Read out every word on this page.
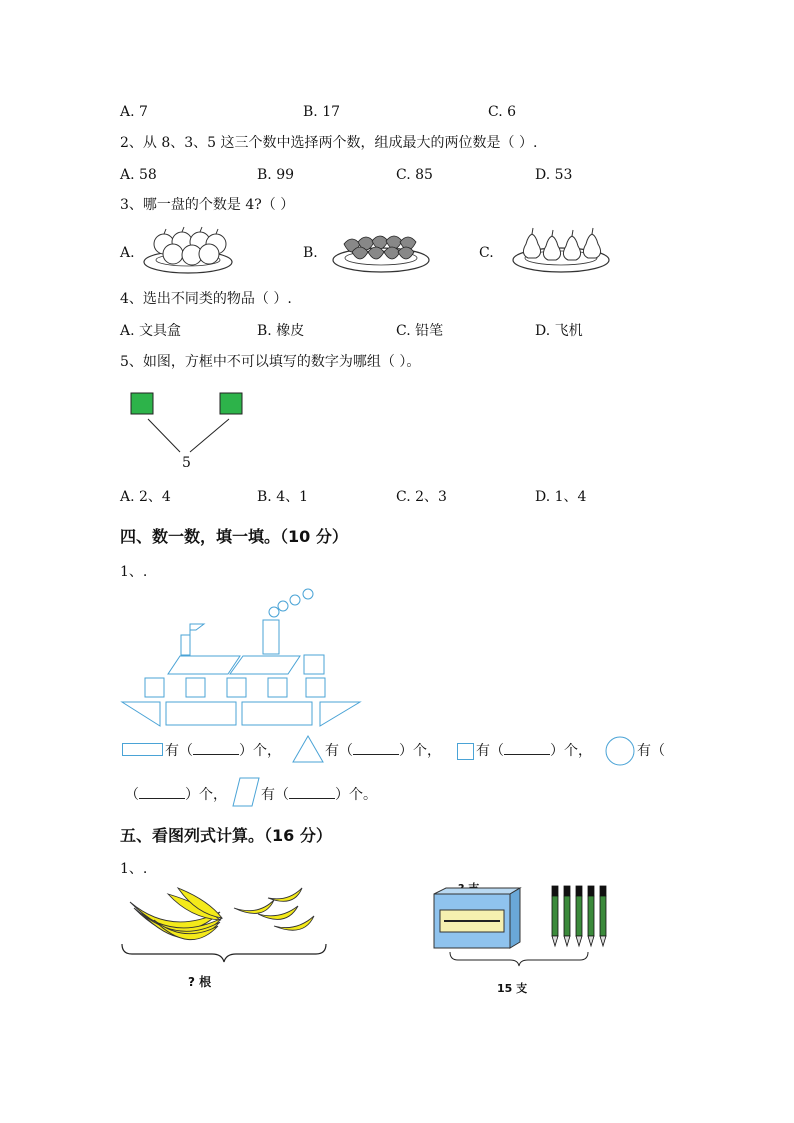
A. 7	B. 17	C. 6
2、从 8、3、5 这三个数中选择两个数，组成最大的两位数是（ ）.
A. 58	B. 99	C. 85	D. 53
3、哪一盘的个数是 4?（ ）
A.	B.	C.
4、选出不同类的物品（ ）.
A. 文具盒	B. 橡皮	C. 铅笔	D. 飞机
5、如图，方框中不可以填写的数字为哪组（ ）。
5
A. 2、4	B. 4、1	C. 2、3	D. 1、4
四、数一数，填一填。（10 分）
1、.
有（	）个，	有（	）个，	有（	）个，	有（
（	）个， 有（	）个。
五、看图列式计算。（16 分）
1、.
? 根	15 支
